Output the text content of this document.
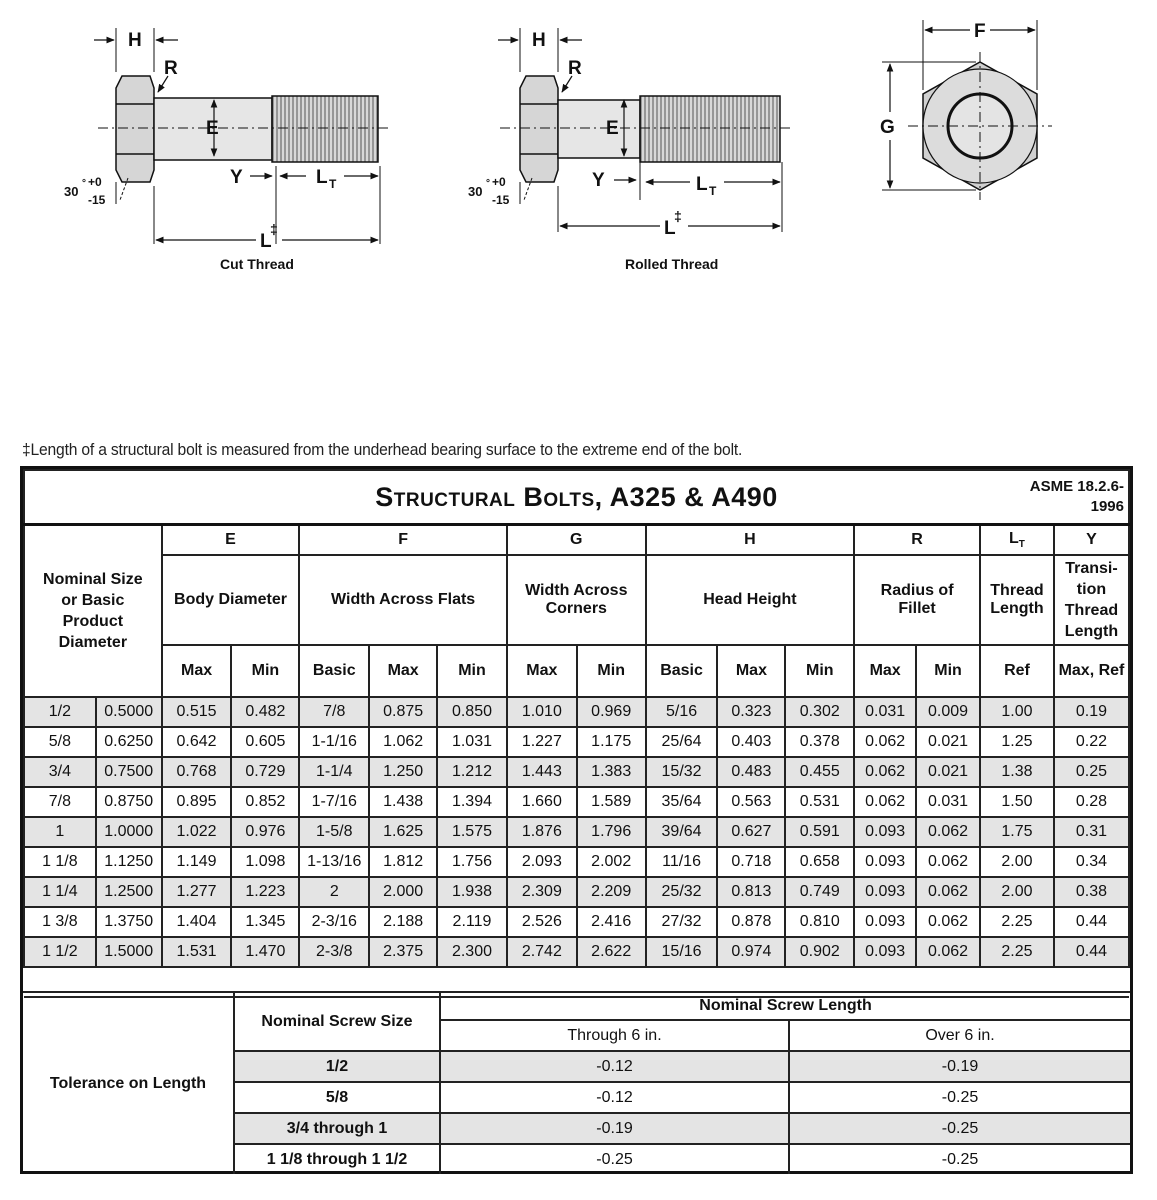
H
R
E
Y	L T
L
‡
30
° +0
-15
Cut Thread
H
R
E
Y	L T
L
‡
30
° +0
-15
Rolled Thread
F
G
‡Length of a structural bolt is measured from the underhead bearing surface to the extreme end of the bolt.
Structural Bolts, A325 & A490 ASME 18.2.6-
1996															

Nominal Size
or Basic
Product
Diameter		E		F			G		H			R		$L_T$	Y
		Body Diameter		Width Across Flats			Width Across Corners		Head Height			Radius of Fillet		Thread Length	Transi-tion Thread Length
		Max	Min	Basic	Max	Min	Max	Min	Basic	Max	Min	Max	Min	Ref	Max, Ref
1/2	0.5000	0.515	0.482	7/8	0.875	0.850	1.010	0.969	5/16	0.323	0.302	0.031	0.009	1.00	0.19
5/8	0.6250	0.642	0.605	1-1/16	1.062	1.031	1.227	1.175	25/64	0.403	0.378	0.062	0.021	1.25	0.22
3/4	0.7500	0.768	0.729	1-1/4	1.250	1.212	1.443	1.383	15/32	0.483	0.455	0.062	0.021	1.38	0.25
7/8	0.8750	0.895	0.852	1-7/16	1.438	1.394	1.660	1.589	35/64	0.563	0.531	0.062	0.031	1.50	0.28
1	1.0000	1.022	0.976	1-5/8	1.625	1.575	1.876	1.796	39/64	0.627	0.591	0.093	0.062	1.75	0.31
1 1/8	1.1250	1.149	1.098	1-13/16	1.812	1.756	2.093	2.002	11/16	0.718	0.658	0.093	0.062	2.00	0.34
1 1/4	1.2500	1.277	1.223	2	2.000	1.938	2.309	2.209	25/32	0.813	0.749	0.093	0.062	2.00	0.38
1 3/8	1.3750	1.404	1.345	2-3/16	2.188	2.119	2.526	2.416	27/32	0.878	0.810	0.093	0.062	2.25	0.44
1 1/2	1.5000	1.531	1.470	2-3/8	2.375	2.300	2.742	2.622	15/16	0.974	0.902	0.093	0.062	2.25	0.44

Tolerance on Length	Nominal Screw Size	Nominal Screw Length	
		Through 6 in.	Over 6 in.
	1/2	-0.12	-0.19
	5/8	-0.12	-0.25
	3/4 through 1	-0.19	-0.25
	1 1/8 through 1 1/2	-0.25	-0.25
